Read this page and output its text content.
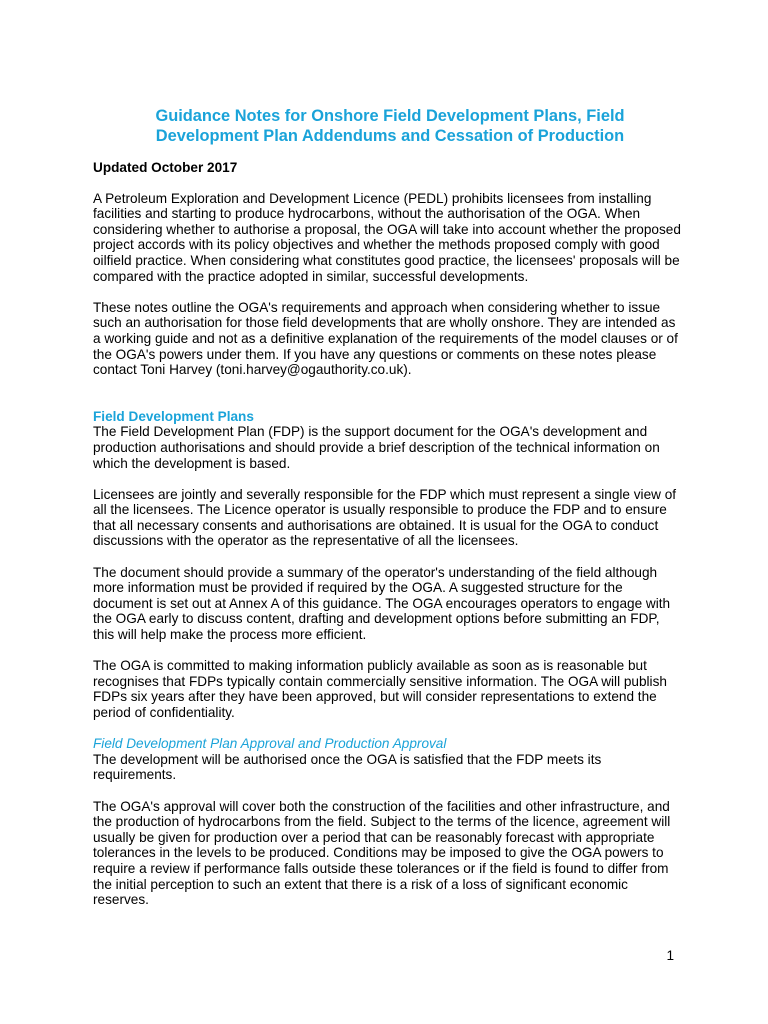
Guidance Notes for Onshore Field Development Plans, Field
Development Plan Addendums and Cessation of Production
Updated October 2017

A Petroleum Exploration and Development Licence (PEDL) prohibits licensees from installing facilities and starting to produce hydrocarbons, without the authorisation of the OGA. When considering whether to authorise a proposal, the OGA will take into account whether the proposed project accords with its policy objectives and whether the methods proposed comply with good oilfield practice. When considering what constitutes good practice, the licensees' proposals will be compared with the practice adopted in similar, successful developments.

These notes outline the OGA's requirements and approach when considering whether to issue such an authorisation for those field developments that are wholly onshore. They are intended as a working guide and not as a definitive explanation of the requirements of the model clauses or of the OGA's powers under them. If you have any questions or comments on these notes please contact Toni Harvey (toni.harvey@ogauthority.co.uk).

Field Development Plans

The Field Development Plan (FDP) is the support document for the OGA's development and production authorisations and should provide a brief description of the technical information on which the development is based.

Licensees are jointly and severally responsible for the FDP which must represent a single view of all the licensees. The Licence operator is usually responsible to produce the FDP and to ensure that all necessary consents and authorisations are obtained. It is usual for the OGA to conduct discussions with the operator as the representative of all the licensees.

The document should provide a summary of the operator's understanding of the field although more information must be provided if required by the OGA. A suggested structure for the document is set out at Annex A of this guidance. The OGA encourages operators to engage with the OGA early to discuss content, drafting and development options before submitting an FDP, this will help make the process more efficient.

The OGA is committed to making information publicly available as soon as is reasonable but recognises that FDPs typically contain commercially sensitive information. The OGA will publish FDPs six years after they have been approved, but will consider representations to extend the period of confidentiality.

Field Development Plan Approval and Production Approval

The development will be authorised once the OGA is satisfied that the FDP meets its requirements.

The OGA's approval will cover both the construction of the facilities and other infrastructure, and the production of hydrocarbons from the field. Subject to the terms of the licence, agreement will usually be given for production over a period that can be reasonably forecast with appropriate tolerances in the levels to be produced. Conditions may be imposed to give the OGA powers to require a review if performance falls outside these tolerances or if the field is found to differ from the initial perception to such an extent that there is a risk of a loss of significant economic reserves.

1
